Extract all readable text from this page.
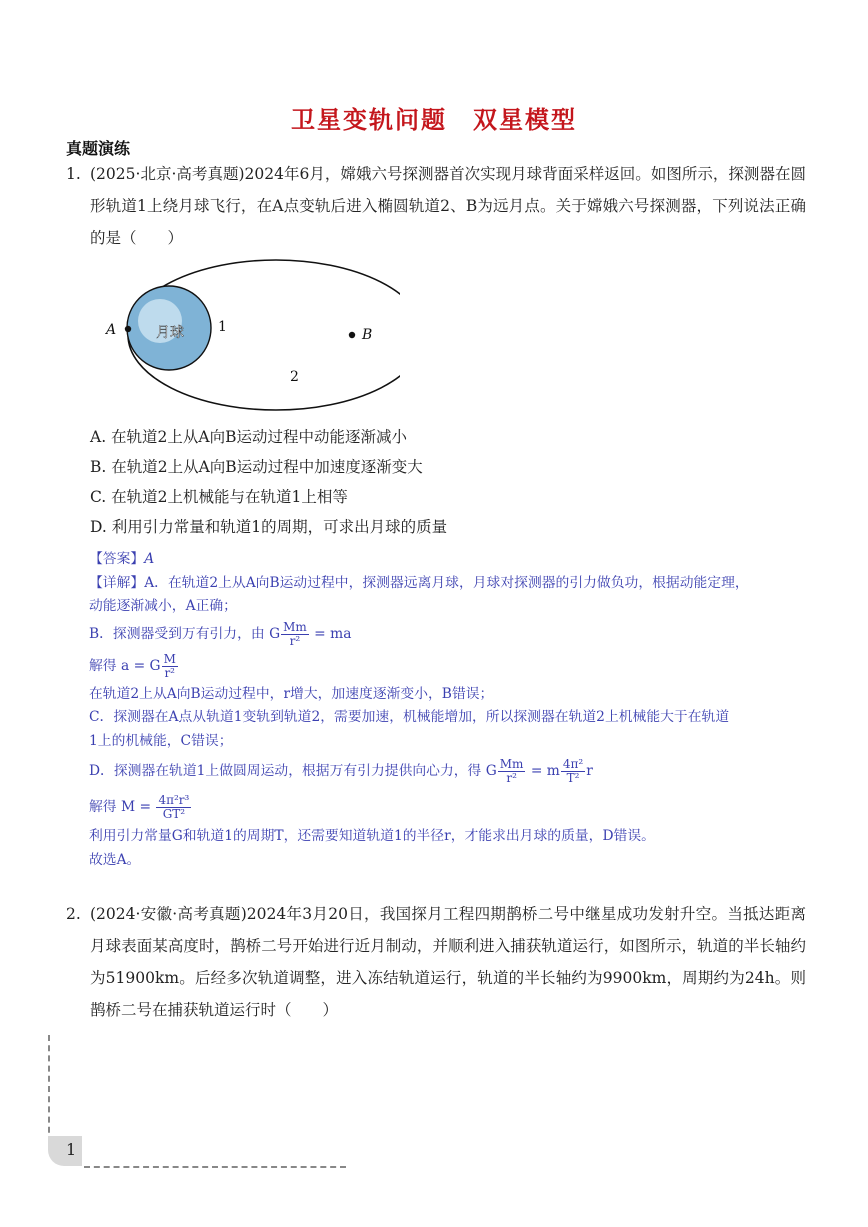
卫星变轨问题　双星模型
真题演练
1. (2025·北京·高考真题)2024年6月，嫦娥六号探测器首次实现月球背面采样返回。如图所示，探测器在圆形轨道1上绕月球飞行，在A点变轨后进入椭圆轨道2、B为远月点。关于嫦娥六号探测器，下列说法正确的是（　　）
月球
A	B
1
2
A. 在轨道2上从A向B运动过程中动能逐渐减小
B. 在轨道2上从A向B运动过程中加速度逐渐变大
C. 在轨道2上机械能与在轨道1上相等
D. 利用引力常量和轨道1的周期，可求出月球的质量
【答案】A
【详解】A．在轨道2上从A向B运动过程中，探测器远离月球，月球对探测器的引力做负功，根据动能定理，
动能逐渐减小，A正确；
B．探测器受到万有引力，由 G $\frac{Mm}{\text{r²}}$ = ma
解得 a = G $\frac{M}{\text{r²}}$
在轨道2上从A向B运动过程中，r增大，加速度逐渐变小，B错误；
C．探测器在A点从轨道1变轨到轨道2，需要加速，机械能增加，所以探测器在轨道2上机械能大于在轨道
1上的机械能，C错误；
D．探测器在轨道1上做圆周运动，根据万有引力提供向心力，得 G $\frac{Mm}{\text{r²}} = m \frac{\text{4π²}}{\text{T²}}$ r
解得 $M = \frac{\text{4π²r³}}{\text{GT²}}$
利用引力常量G和轨道1的周期T，还需要知道轨道1的半径r，才能求出月球的质量，D错误。
故选A。
2. (2024·安徽·高考真题)2024年3月20日，我国探月工程四期鹊桥二号中继星成功发射升空。当抵达距离月球表面某高度时，鹊桥二号开始进行近月制动，并顺利进入捕获轨道运行，如图所示，轨道的半长轴约为51900km。后经多次轨道调整，进入冻结轨道运行，轨道的半长轴约为9900km，周期约为24h。则鹊桥二号在捕获轨道运行时（　　）
1
